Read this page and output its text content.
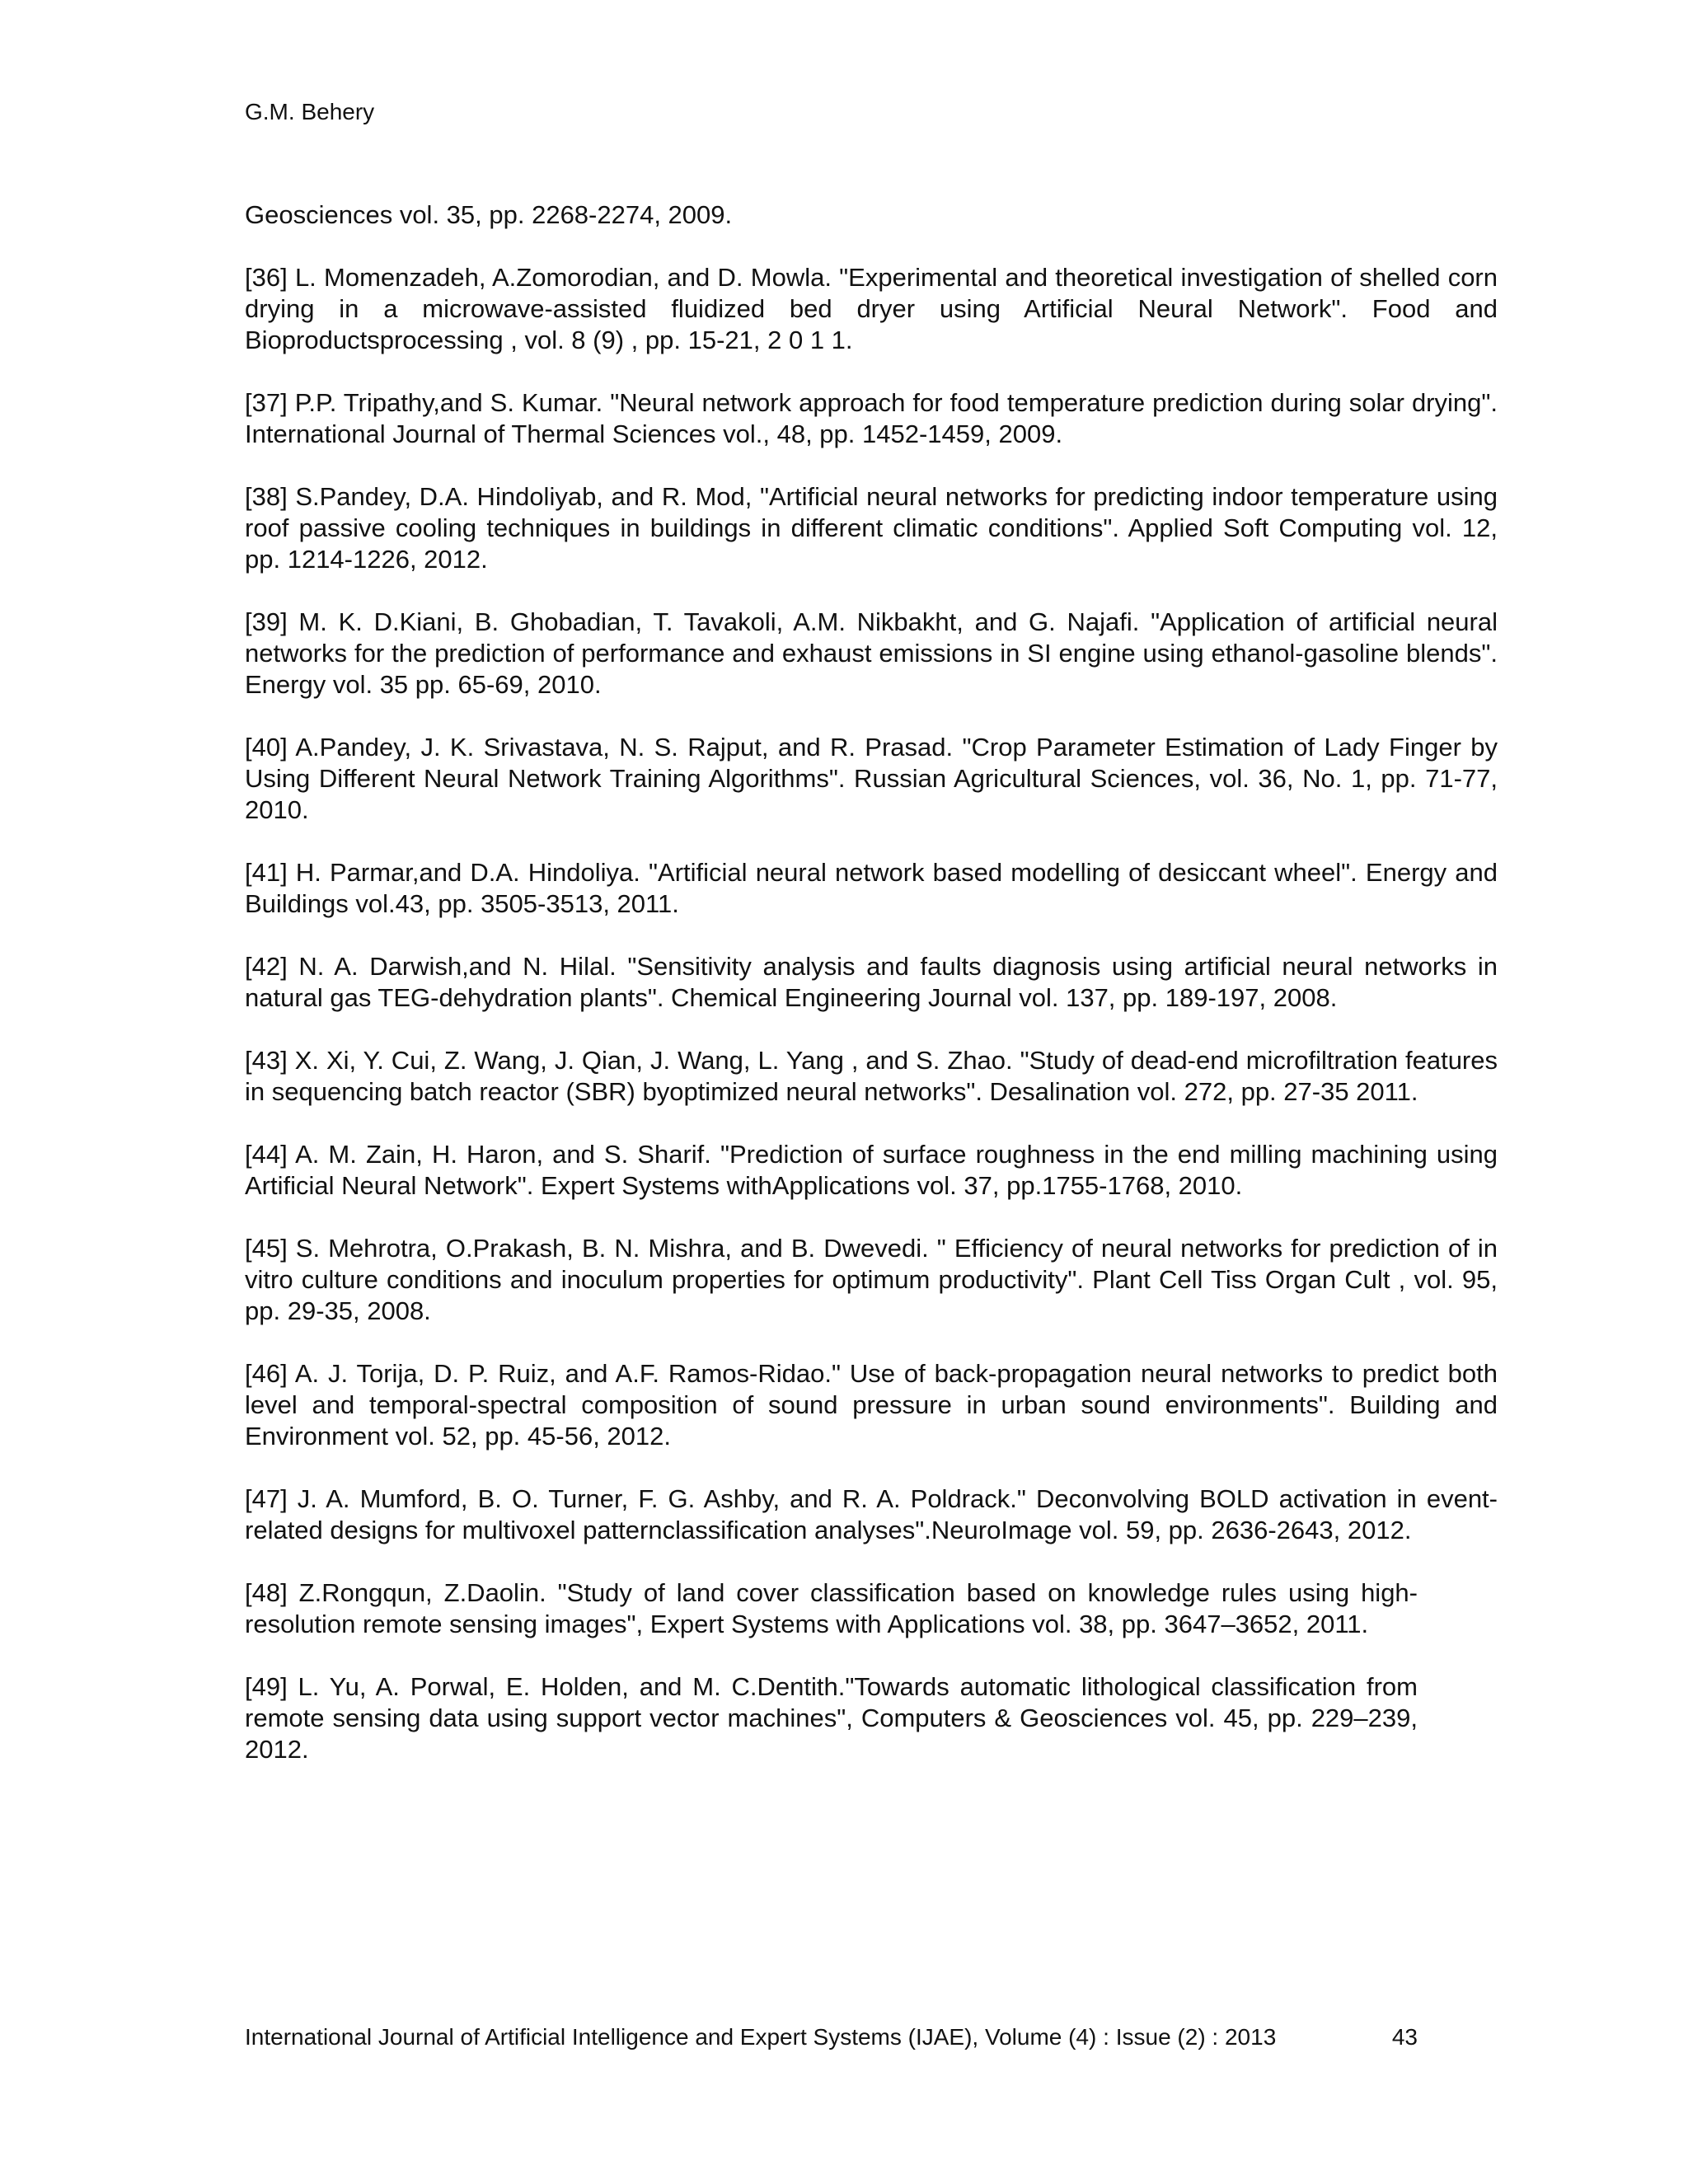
G.M. Behery
Geosciences vol. 35, pp. 2268-2274, 2009.
[36] L. Momenzadeh, A.Zomorodian, and D. Mowla. "Experimental and theoretical investigation of shelled corn drying in a microwave-assisted fluidized bed dryer using Artificial Neural Network". Food and Bioproductsprocessing , vol. 8 (9) , pp. 15-21, 2 0 1 1.
[37] P.P. Tripathy,and S. Kumar. "Neural network approach for food temperature prediction during solar drying". International Journal of Thermal Sciences vol., 48, pp. 1452-1459, 2009.
[38] S.Pandey, D.A. Hindoliyab, and R. Mod, "Artificial neural networks for predicting indoor temperature using roof passive cooling techniques in buildings in different climatic conditions". Applied Soft Computing vol. 12, pp. 1214-1226, 2012.
[39] M. K. D.Kiani, B. Ghobadian, T. Tavakoli, A.M. Nikbakht, and G. Najafi. "Application of artificial neural networks for the prediction of performance and exhaust emissions in SI engine using ethanol-gasoline blends". Energy vol. 35 pp. 65-69, 2010.
[40] A.Pandey, J. K. Srivastava, N. S. Rajput, and R. Prasad. "Crop Parameter Estimation of Lady Finger by Using Different Neural Network Training Algorithms". Russian Agricultural Sciences, vol. 36, No. 1, pp. 71-77, 2010.
[41] H. Parmar,and D.A. Hindoliya. "Artificial neural network based modelling of desiccant wheel". Energy and Buildings vol.43, pp. 3505-3513, 2011.
[42] N. A. Darwish,and N. Hilal. "Sensitivity analysis and faults diagnosis using artificial neural networks in natural gas TEG-dehydration plants". Chemical Engineering Journal vol. 137, pp. 189-197, 2008.
[43] X. Xi, Y. Cui, Z. Wang, J. Qian, J. Wang, L. Yang , and S. Zhao. "Study of dead-end microfiltration features in sequencing batch reactor (SBR) byoptimized neural networks". Desalination vol. 272, pp. 27-35 2011.
[44] A. M. Zain, H. Haron, and S. Sharif. "Prediction of surface roughness in the end milling machining using Artificial Neural Network". Expert Systems withApplications vol. 37, pp.1755-1768, 2010.
[45] S. Mehrotra, O.Prakash, B. N. Mishra, and B. Dwevedi. " Efficiency of neural networks for prediction of in vitro culture conditions and inoculum properties for optimum productivity". Plant Cell Tiss Organ Cult , vol. 95, pp. 29-35, 2008.
[46] A. J. Torija, D. P. Ruiz, and A.F. Ramos-Ridao." Use of back-propagation neural networks to predict both level and temporal-spectral composition of sound pressure in urban sound environments". Building and Environment vol. 52, pp. 45-56, 2012.
[47] J. A. Mumford, B. O. Turner, F. G. Ashby, and R. A. Poldrack." Deconvolving BOLD activation in event-related designs for multivoxel patternclassification analyses".NeuroImage vol. 59, pp. 2636-2643, 2012.
[48] Z.Rongqun, Z.Daolin. "Study of land cover classification based on knowledge rules using high-resolution remote sensing images", Expert Systems with Applications vol. 38, pp. 3647–3652, 2011.
[49] L. Yu, A. Porwal, E. Holden, and M. C.Dentith."Towards automatic lithological classification from remote sensing data using support vector machines", Computers & Geosciences vol. 45, pp. 229–239, 2012.
International Journal of Artificial Intelligence and Expert Systems (IJAE), Volume (4) : Issue (2) : 2013	43
